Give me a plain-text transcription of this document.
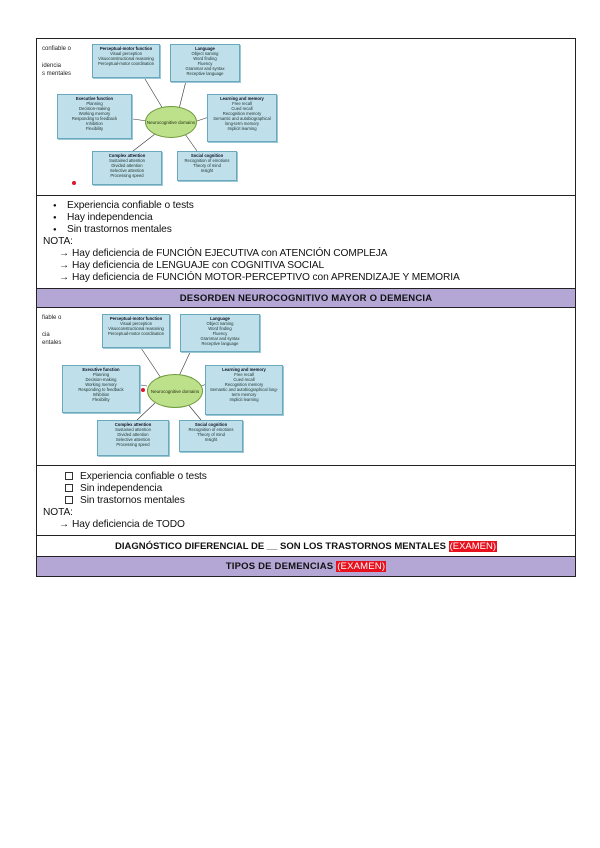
confiable o
idencia
s mentales
Perceptual-motor function
Visual perception
Visuoconstructional reasoning
Perceptual-motor coordination
Language
Object naming
Word finding
Fluency
Grammar and syntax
Receptive language
Executive function
Planning
Decision-making
Working memory
Responding to feedback
Inhibition
Flexibility
Neurocognitive domains
Learning and memory
Free recall
Cued recall
Recognition memory
Semantic and autobiographical long-term memory
Implicit learning
Complex attention
Sustained attention
Divided attention
Selective attention
Processing speed
Social cognition
Recognition of emotions
Theory of mind
Insight
● Experiencia confiable o tests
● Hay independencia
● Sin trastornos mentales
NOTA:
→ Hay deficiencia de FUNCIÓN EJECUTIVA con ATENCIÓN COMPLEJA
→ Hay deficiencia de LENGUAJE con COGNITIVA SOCIAL
→ Hay deficiencia de FUNCIÓN MOTOR-PERCEPTIVO con APRENDIZAJE Y MEMORIA
DESORDEN NEUROCOGNITIVO MAYOR O DEMENCIA
fiable o
cia
entales
Perceptual-motor function
Visual perception
Visuoconstructional reasoning
Perceptual-motor coordination
Language
Object naming
Word finding
Fluency
Grammar and syntax
Receptive language
Executive function
Planning
Decision-making
Working memory
Responding to feedback
Inhibition
Flexibility
Neurocognitive domains
Learning and memory
Free recall
Cued recall
Recognition memory
Semantic and autobiographical long-term memory
Implicit learning
Complex attention
Sustained attention
Divided attention
Selective attention
Processing speed
Social cognition
Recognition of emotions
Theory of mind
Insight
Experiencia confiable o tests
Sin independencia
Sin trastornos mentales
NOTA:
→ Hay deficiencia de TODO
DIAGNÓSTICO DIFERENCIAL DE __ SON LOS TRASTORNOS MENTALES (EXAMEN)
TIPOS DE DEMENCIAS (EXAMEN)
